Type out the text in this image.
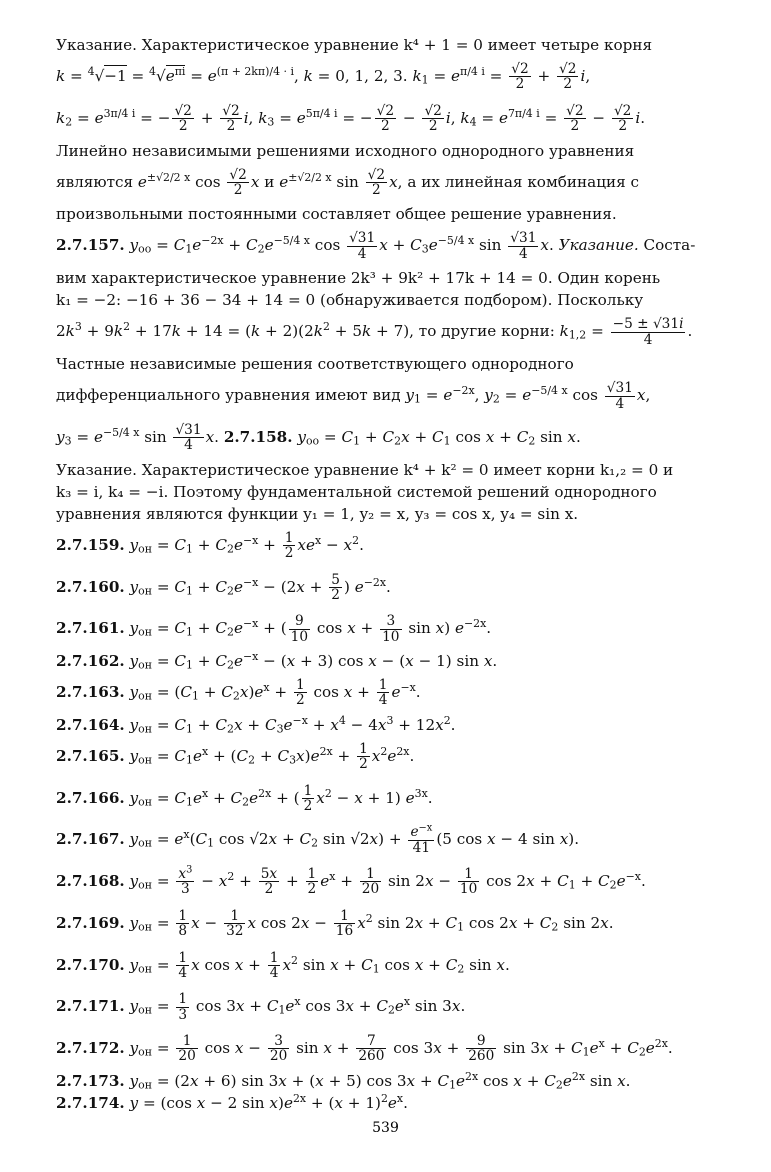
Указание. Характеристическое уравнение k⁴ + 1 = 0 имеет четыре корня
$k = ^4√-1 = ^4√e^{\pi i} = e^{(\pi + 2k\pi)/4 \cdot i}$, k = 0, 1, 2, 3. $k_1 = e^{\pi/4 i} = \frac{√2}{2} + \frac{√2}{2} i$,
$k_2 = e^{3\pi/4 i}$ = − $\frac{√2}{2} + \frac{√2}{2} i$, $k_3 = e^{5\pi/4 i}$ = − $\frac{√2}{2} - \frac{√2}{2} i$, $k_4 = e^{7\pi/4 i} = \frac{√2}{2} - \frac{√2}{2} i$.
Линейно независимыми решениями исходного однородного уравнения
являются $e^{\pm√2/2 x}$ $\cos \frac{√2}{2}$ x и $e^{\pm√2/2 x}$ $\sin \frac{√2}{2} x$, а их линейная комбинация с
произвольными постоянными составляет общее решение уравнения.
2.7.157. $y_{оо} = C_1e^{-2x} + C_2e^{-5/4 x}$ $\cos \frac{√31}{4}$ $x + C_3e^{-5/4 x}$ $\sin \frac{√31}{4} x$. Указание. Соста-
вим характеристическое уравнение 2k³ + 9k² + 17k + 14 = 0. Один корень
k₁ = −2: −16 + 36 − 34 + 14 = 0 (обнаруживается подбором). Поскольку
$2k^3 + 9k^2 + 17k + 14 = (k + 2)(2k^2 + 5k + 7)$, то другие корни: $k_{1,2} = \frac{-5 \pm √31i}{4}$ .
Частные независимые решения соответствующего однородного
дифференциального уравнения имеют вид $y_1 = e^{-2x}$, $y_2 = e^{-5/4 x}$ $\cos \frac{√31}{4} x$,
$y_3 = e^{-5/4 x}$ $\sin \frac{√31}{4} x$. 2.7.158. $y_{оо} = C_1 + C_2x + C_1$ $\cos x + C_2$ sin x.
Указание. Характеристическое уравнение k⁴ + k² = 0 имеет корни k₁,₂ = 0 и
k₃ = i, k₄ = −i. Поэтому фундаментальной системой решений однородного
уравнения являются функции y₁ = 1, y₂ = x, y₃ = cos x, y₄ = sin x.
2.7.159. $y_{он} = C_1 + C_2e^{-x} + \frac{1}{2} xe^x - x^2$.
2.7.160. $y_{он} = C_1 + C_2e^{-x} - (2x + \frac{5}{2}$ ) $e^{-2x}$.
2.7.161. $y_{он} = C_1 + C_2e^{-x}$ + ( $\frac{9}{10}$ $\cos x + \frac{3}{10}$ sin x) $e^{-2x}$.
2.7.162. $y_{он} = C_1 + C_2e^{-x} - (x + 3)$ cos x − (x − 1) sin x.
2.7.163. $y_{он} = (C_1 + C_2x)e^x + \frac{1}{2}$ $\cos x + \frac{1}{4} e^{-x}$.
2.7.164. $y_{он} = C_1 + C_2x + C_3e^{-x} + x^4 - 4x^3 + 12x^2$.
2.7.165. $y_{он} = C_1e^x + (C_2 + C_3x)e^{2x} + \frac{1}{2} x^2e^{2x}$.
2.7.166. $y_{он} = C_1e^x + C_2e^{2x}$ + ( $\frac{1}{2} x^2 - x + 1$) $e^{3x}$.
2.7.167. $y_{он} = e^x(C_1$ $\cos √2x + C_2$ $\sin √2x) + \frac{e^{-x}}{41} (5$ cos x − 4 sin x).
2.7.168. $y_{он} = \frac{x^3}{3} - x^2 + \frac{5x}{2} + \frac{1}{2} e^x + \frac{1}{20}$ $\sin 2x - \frac{1}{10}$ $\cos 2x + C_1 + C_2e^{-x}$.
2.7.169. $y_{он} = \frac{1}{8}$ $x - \frac{1}{32}$ x $\cos 2x - \frac{1}{16} x^2$ $\sin 2x + C_1$ $\cos 2x + C_2$ sin 2x.
2.7.170. $y_{он} = \frac{1}{4}$ x $\cos x + \frac{1}{4} x^2$ $\sin x + C_1$ $\cos x + C_2$ sin x.
2.7.171. $y_{он} = \frac{1}{3}$ $\cos 3x + C_1e^x$ $\cos 3x + C_2e^x$ sin 3x.
2.7.172. $y_{он} = \frac{1}{20}$ $\cos x - \frac{3}{20}$ $\sin x + \frac{7}{260}$ $\cos 3x + \frac{9}{260}$ $\sin 3x + C_1e^x + C_2e^{2x}$.
2.7.173. $y_{он} = (2x + 6)$ sin 3x + (x + 5) $\cos 3x + C_1e^{2x}$ $\cos x + C_2e^{2x}$ sin x.
2.7.174. y = (cos x − 2 $\sin x)e^{2x} + (x + 1)^2e^x$.
539
